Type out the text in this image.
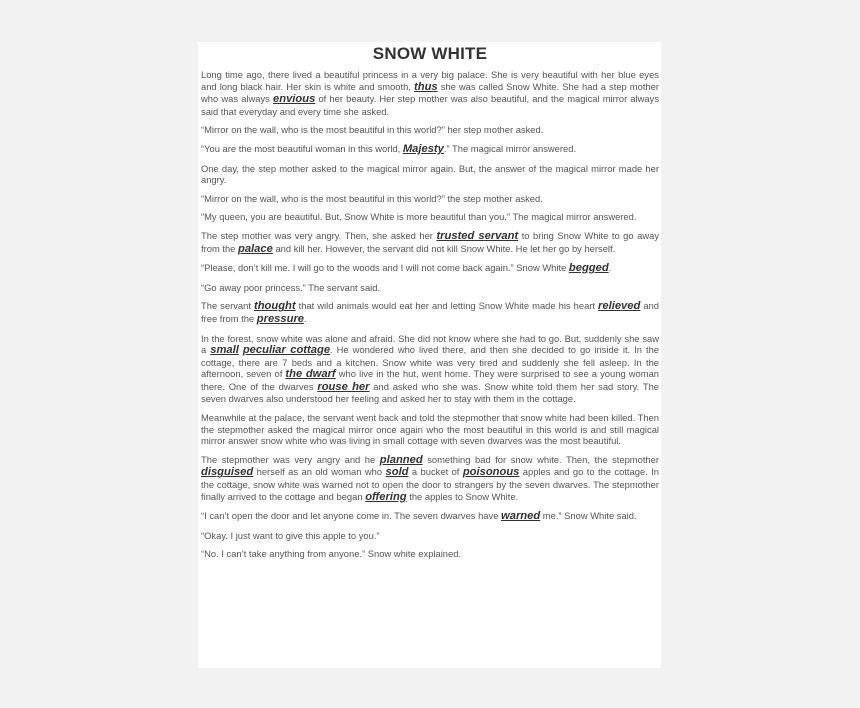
SNOW WHITE

Long time ago, there lived a beautiful princess in a very big palace. She is very beautiful with her blue eyes and long black hair. Her skin is white and smooth, thus she was called Snow White. She had a step mother who was always envious of her beauty. Her step mother was also beautiful, and the magical mirror always said that everyday and every time she asked.

“Mirror on the wall, who is the most beautiful in this world?” her step mother asked.

“You are the most beautiful woman in this world, Majesty.” The magical mirror answered.

One day, the step mother asked to the magical mirror again. But, the answer of the magical mirror made her angry.

“Mirror on the wall, who is the most beautiful in this world?” the step mother asked.

“My queen, you are beautiful. But, Snow White is more beautiful than you.” The magical mirror answered.

The step mother was very angry. Then, she asked her trusted servant to bring Snow White to go away from the palace and kill her. However, the servant did not kill Snow White. He let her go by herself.

“Please, don’t kill me. I will go to the woods and I will not come back again.” Snow White begged.

“Go away poor princess.” The servant said.

The servant thought that wild animals would eat her and letting Snow White made his heart relieved and free from the pressure.

In the forest, snow white was alone and afraid. She did not know where she had to go. But, suddenly she saw a small peculiar cottage. He wondered who lived there, and then she decided to go inside it. In the cottage, there are 7 beds and a kitchen. Snow white was very tired and suddenly she fell asleep. In the afternoon, seven of the dwarf who live in the hut, went home. They were surprised to see a young woman there. One of the dwarves rouse her and asked who she was. Snow white told them her sad story. The seven dwarves also understood her feeling and asked her to stay with them in the cottage.

Meanwhile at the palace, the servant went back and told the stepmother that snow white had been killed. Then the stepmother asked the magical mirror once again who the most beautiful in this world is and still magical mirror answer snow white who was living in small cottage with seven dwarves was the most beautiful.

The stepmother was very angry and he planned something bad for snow white. Then, the stepmother disguised herself as an old woman who sold a bucket of poisonous apples and go to the cottage. In the cottage, snow white was warned not to open the door to strangers by the seven dwarves. The stepmother finally arrived to the cottage and began offering the apples to Snow White.

“I can’t open the door and let anyone come in. The seven dwarves have warned me.” Snow White said.

“Okay. I just want to give this apple to you.”

“No. I can’t take anything from anyone.” Snow white explained.
